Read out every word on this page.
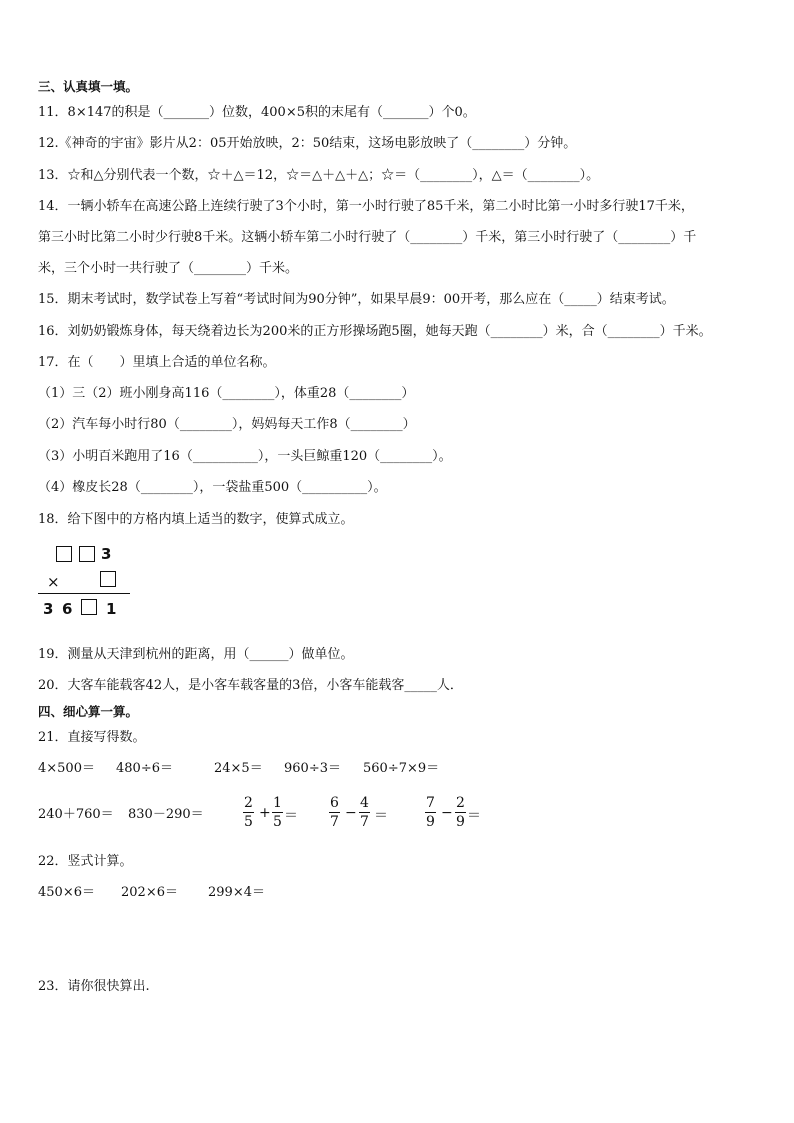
三、认真填一填。
11．8×147的积是（_______）位数，400×5积的末尾有（_______）个0。
12.《神奇的宇宙》影片从2：05开始放映，2：50结束，这场电影放映了（________）分钟。
13．☆和△分别代表一个数，☆＋△＝12，☆＝△＋△＋△；☆＝（________），△＝（________）。
14．一辆小轿车在高速公路上连续行驶了3个小时，第一小时行驶了85千米，第二小时比第一小时多行驶17千米，
第三小时比第二小时少行驶8千米。这辆小轿车第二小时行驶了（________）千米，第三小时行驶了（________）千
米，三个小时一共行驶了（________）千米。
15．期末考试时，数学试卷上写着“考试时间为90分钟”，如果早晨9：00开考，那么应在（_____）结束考试。
16．刘奶奶锻炼身体，每天绕着边长为200米的正方形操场跑5圈，她每天跑（________）米，合（________）千米。
17．在（　　）里填上合适的单位名称。
（1）三（2）班小刚身高116（________），体重28（________）
（2）汽车每小时行80（________），妈妈每天工作8（________）
（3）小明百米跑用了16（__________），一头巨鲸重120（________）。
（4）橡皮长28（________），一袋盐重500（__________）。
18．给下图中的方格内填上适当的数字，使算式成立。
3
×
3 6 1
19．测量从天津到杭州的距离，用（______）做单位。
20．大客车能载客42人，是小客车载客量的3倍，小客车能载客_____人．
四、细心算一算。
21．直接写得数。
4×500＝ 480÷6＝	24×5＝ 960÷3＝ 560÷7×9＝
240＋760＝ 830－290＝
2
5
+
1
5 ＝
6
7
−
4
7 ＝
7
9
−
2
9 ＝
22．竖式计算。
450×6＝ 202×6＝ 299×4＝
23．请你很快算出.
